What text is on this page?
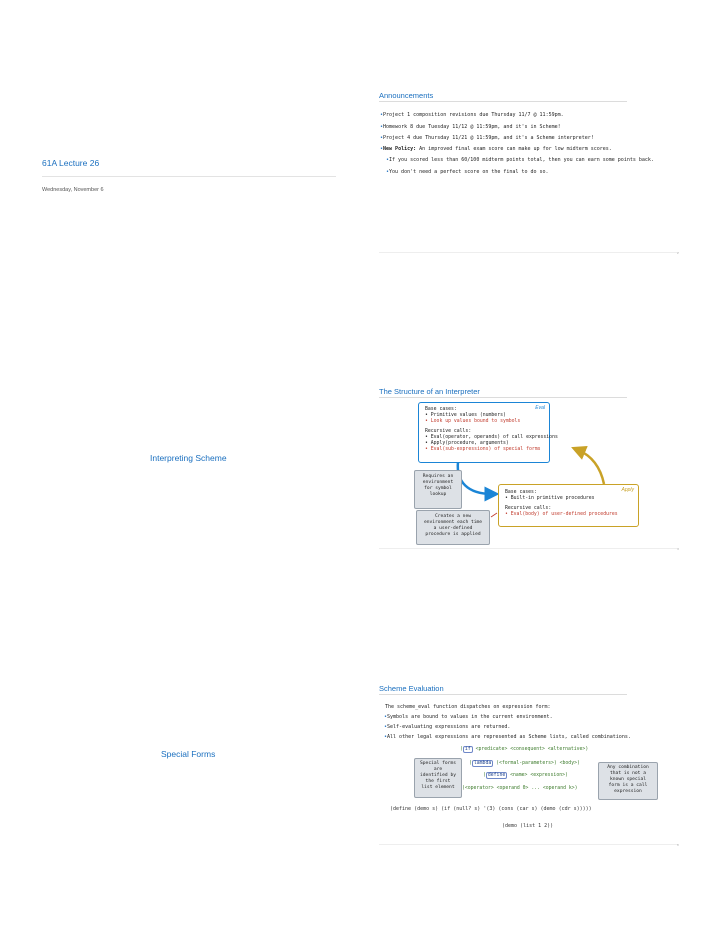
61A Lecture 26
Wednesday, November 6
Interpreting Scheme
Special Forms
Announcements
•Project 1 composition revisions due Thursday 11/7 @ 11:59pm.
•Homework 8 due Tuesday 11/12 @ 11:59pm, and it's in Scheme!
•Project 4 due Thursday 11/21 @ 11:59pm, and it's a Scheme interpreter!
•New Policy: An improved final exam score can make up for low midterm scores.
•If you scored less than 60/100 midterm points total, then you can earn some points back.
•You don't need a perfect score on the final to do so.
2
The Structure of an Interpreter
Eval
Base cases:
• Primitive values (numbers)
• Look up values bound to symbols
Recursive calls:
• Eval(operator, operands) of call expressions
• Apply(procedure, arguments)
• Eval(sub-expressions) of special forms
Apply
Base cases:
• Built-in primitive procedures
Recursive calls:
• Eval(body) of user-defined procedures
Requires an
environment
for symbol
lookup
Creates a new
environment each time
a user-defined
procedure is applied
4
Scheme Evaluation
The scheme_eval function dispatches on expression form:
•Symbols are bound to values in the current environment.
•Self-evaluating expressions are returned.
•All other legal expressions are represented as Scheme lists, called combinations.
( if <predicate> <consequent> <alternative>)
( lambda (<formal-parameters>) <body>)
( define <name> <expression>)
(<operator> <operand 0> ... <operand k>)
Special forms
are
identified by
the first
list element
Any combination
that is not a
known special
form is a call
expression
(define (demo s) (if (null? s) '(3) (cons (car s) (demo (cdr s)))))
(demo (list 1 2))
6
